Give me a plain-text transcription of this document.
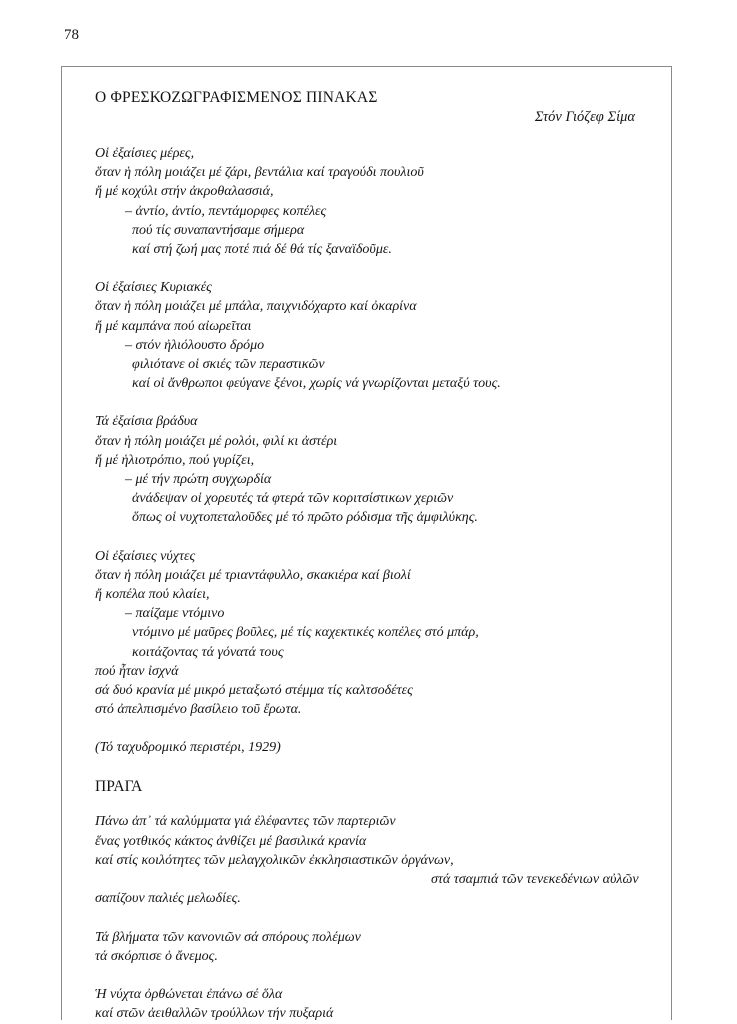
78
Ο ΦΡΕΣΚΟΖΩΓΡΑΦΙΣΜΕΝΟΣ ΠΙΝΑΚΑΣ
Στόν Γιόζεφ Σίμα
Οἱ ἐξαίσιες μέρες,
ὅταν ἡ πόλη μοιάζει μέ ζάρι, βεντάλια καί τραγούδι πουλιοῦ
ἤ μέ κοχύλι στήν ἀκροθαλασσιά,
– ἀντίο, ἀντίο, πεντάμορφες κοπέλες
πού τίς συναπαντήσαμε σήμερα
καί στή ζωή μας ποτέ πιά δέ θά τίς ξαναϊδοῦμε.
Οἱ ἐξαίσιες Κυριακές
ὅταν ἡ πόλη μοιάζει μέ μπάλα, παιχνιδόχαρτο καί ὀκαρίνα
ἤ μέ καμπάνα πού αἰωρεῖται
– στόν ἠλιόλουστο δρόμο
φιλιότανε οἱ σκιές τῶν περαστικῶν
καί οἱ ἄνθρωποι φεύγανε ξένοι, χωρίς νά γνωρίζονται μεταξύ τους.
Τά ἐξαίσια βράδυα
ὅταν ἡ πόλη μοιάζει μέ ρολόι, φιλί κι ἀστέρι
ἤ μέ ἡλιοτρόπιο, πού γυρίζει,
– μέ τήν πρώτη συγχωρδία
ἀνάδεψαν οἱ χορευτές τά φτερά τῶν κοριτσίστικων χεριῶν
ὅπως οἱ νυχτοπεταλοῦδες μέ τό πρῶτο ρόδισμα τῆς ἀμφιλύκης.
Οἱ ἐξαίσιες νύχτες
ὅταν ἡ πόλη μοιάζει μέ τριαντάφυλλο, σκακιέρα καί βιολί
ἤ κοπέλα πού κλαίει,
– παίζαμε ντόμινο
ντόμινο μέ μαῦρες βοῦλες, μέ τίς καχεκτικές κοπέλες στό μπάρ,
κοιτάζοντας τά γόνατά τους
πού ἦταν ἰσχνά
σά δυό κρανία μέ μικρό μεταξωτό στέμμα τίς καλτσοδέτες
στό ἀπελπισμένο βασίλειο τοῦ ἔρωτα.
(Τό ταχυδρομικό περιστέρι, 1929)
ΠΡΑΓΑ
Πάνω ἀπ᾽ τά καλύμματα γιά ἐλέφαντες τῶν παρτεριῶν
ἕνας γοτθικός κάκτος ἀνθίζει μέ βασιλικά κρανία
καί στίς κοιλότητες τῶν μελαγχολικῶν ἐκκλησιαστικῶν ὀργάνων,
στά τσαμπιά τῶν τενεκεδένιων αὐλῶν
σαπίζουν παλιές μελωδίες.
Τά βλήματα τῶν κανονιῶν σά σπόρους πολέμων
τά σκόρπισε ὁ ἄνεμος.
Ἡ νύχτα ὀρθώνεται ἐπάνω σέ ὅλα
καί στῶν ἀειθαλλῶν τρούλλων τήν πυξαριά
